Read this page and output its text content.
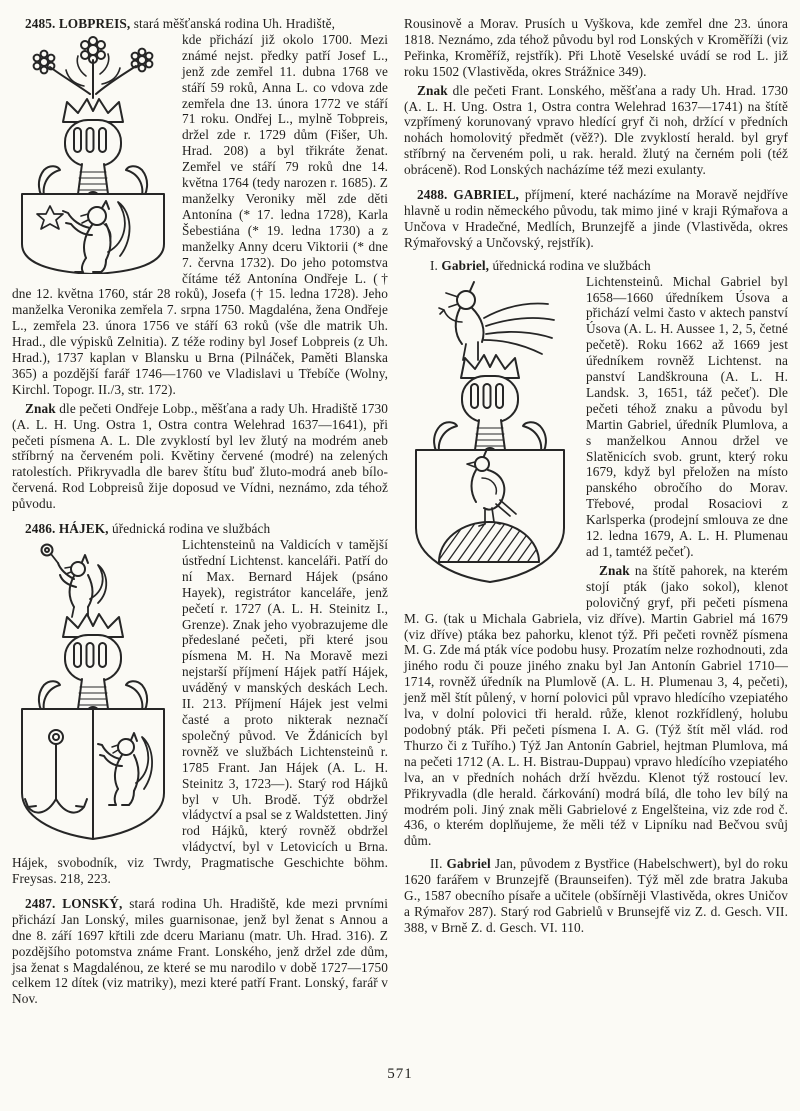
2485. LOBPREIS, stará měšťanská rodina Uh. Hradiště,
kde přichází již okolo 1700. Mezi známé nejst. předky patří Josef L., jenž zde zemřel 11. dubna 1768 ve stáří 59 roků, Anna L. co vdova zde zemřela dne 13. února 1772 ve stáří 71 roku. Ondřej L., mylně Tobpreis, držel zde r. 1729 dům (Fišer, Uh. Hrad. 208) a byl třikráte ženat. Zemřel ve stáří 79 roků dne 14. května 1764 (tedy narozen r. 1685). Z manželky Veroniky měl zde děti Antonína (* 17. ledna 1728), Karla Šebestiána (* 19. ledna 1730) a z manželky Anny dceru Viktorii (* dne 7. června 1732). Do jeho potomstva čítáme též Antonína Ondřeje L. († dne 12. května 1760, stár 28 roků), Josefa († 15. ledna 1728). Jeho manželka Veronika zemřela 7. srpna 1750. Magdaléna, žena Ondřeje L., zemřela 23. února 1756 ve stáří 63 roků (vše dle matrik Uh. Hrad., dle výpisků Zelnitia). Z téže rodiny byl Josef Lobpreis (z Uh. Hrad.), 1737 kaplan v Blansku u Brna (Pilnáček, Paměti Blanska 365) a pozdější farář 1746—1760 ve Vladislavi u Třebíče (Wolny, Kirchl. Topogr. II./3, str. 172).
Znak dle pečeti Ondřeje Lobp., měšťana a rady Uh. Hradiště 1730 (A. L. H. Ung. Ostra 1, Ostra contra Welehrad 1637—1641), při pečeti písmena A. L. Dle zvyklostí byl lev žlutý na modrém aneb stříbrný na červeném poli. Květiny červené (modré) na zelených ratolestích. Přikryvadla dle barev štítu buď žluto-modrá aneb bílo-červená. Rod Lobpreisů žije doposud ve Vídni, neznámo, zda téhož původu.
2486. HÁJEK, úřednická rodina ve službách
Lichtensteinů na Valdicích v tamější ústřední Lichtenst. kanceláři. Patří do ní Max. Bernard Hájek (psáno Hayek), registrátor kanceláře, jenž pečetí r. 1727 (A. L. H. Steinitz I., Grenze). Znak jeho vyobrazujeme dle předeslané pečeti, při které jsou písmena M. H. Na Moravě mezi nejstarší příjmení Hájek patří Hájek, uváděný v manských deskách Lech. II. 213. Příjmení Hájek jest velmi časté a proto nikterak neznačí společný původ. Ve Ždánicích byl rovněž ve službách Lichtensteinů r. 1785 Frant. Jan Hájek (A. L. H. Steinitz 3, 1723—). Starý rod Hájků byl v Uh. Brodě. Týž obdržel vládyctví a psal se z Waldstetten. Jiný rod Hájků, který rovněž obdržel vládyctví, byl v Letovicích u Brna. Hájek, svobodník, viz Twrdy, Pragmatische Geschichte böhm. Freysas. 218, 223.
2487. LONSKÝ, stará rodina Uh. Hradiště, kde mezi prvními přichází Jan Lonský, miles guarnisonae, jenž byl ženat s Annou a dne 8. září 1697 křtili zde dceru Marianu (matr. Uh. Hrad. 316). Z pozdějšího potomstva známe Frant. Lonského, jenž držel zde dům, jsa ženat s Magdalénou, ze které se mu narodilo v době 1727—1750 celkem 12 dítek (viz matriky), mezi které patří Frant. Lonský, farář v Nov.
Rousinově a Morav. Prusích u Vyškova, kde zemřel dne 23. února 1818. Neznámo, zda téhož původu byl rod Lonských v Kroměříži (viz Peřinka, Kroměříž, rejstřík). Při Lhotě Veselské uvádí se rod L. již roku 1502 (Vlastivěda, okres Strážnice 349).
Znak dle pečeti Frant. Lonského, měšťana a rady Uh. Hrad. 1730 (A. L. H. Ung. Ostra 1, Ostra contra Welehrad 1637—1741) na štítě vzpřímený korunovaný vpravo hledící gryf či noh, držící v předních nohách homolovitý předmět (věž?). Dle zvyklostí herald. byl gryf stříbrný na červeném poli, u rak. herald. žlutý na černém poli (též obráceně). Rod Lonských nacházíme též mezi exulanty.
2488. GABRIEL, příjmení, které nacházíme na Moravě nejdříve hlavně u rodin německého původu, tak mimo jiné v kraji Rýmařova a Unčova v Hradečné, Medlích, Brunzejfě a jinde (Vlastivěda, okres Rýmařovský a Unčovský, rejstřík).
I. Gabriel, úřednická rodina ve službách
Lichtensteinů. Michal Gabriel byl 1658—1660 úředníkem Úsova a přichází velmi často v aktech panství Úsova (A. L. H. Aussee 1, 2, 5, četné pečetě). Roku 1662 až 1669 jest úředníkem rovněž Lichtenst. na panství Landškrouna (A. L. H. Landsk. 3, 1651, táž pečeť). Dle pečeti téhož znaku a původu byl Martin Gabriel, úředník Plumlova, a s manželkou Annou držel ve Slatěnicích svob. grunt, který roku 1679, když byl přeložen na místo panského obročího do Morav. Třebové, prodal Rosaciovi z Karlsperka (prodejní smlouva ze dne 12. ledna 1679, A. L. H. Plumenau ad 1, tamtéž pečeť).
Znak na štítě pahorek, na kterém stojí pták (jako sokol), klenot polovičný gryf, při pečeti písmena M. G. (tak u Michala Gabriela, viz dříve). Martin Gabriel má 1679 (viz dříve) ptáka bez pahorku, klenot týž. Při pečeti rovněž písmena M. G. Zde má pták více podobu husy. Prozatím nelze rozhodnouti, zda jiného rodu či pouze jiného znaku byl Jan Antonín Gabriel 1710—1714, rovněž úředník na Plumlově (A. L. H. Plumenau 3, 4, pečeti), jenž měl štít půlený, v horní polovici půl vpravo hledícího vzepiatého lva, v dolní polovici tři herald. růže, klenot rozkřídlený, holubu podobný pták. Při pečeti písmena I. A. G. (Týž štít měl vlád. rod Thurzo či z Tuřího.) Týž Jan Antonín Gabriel, hejtman Plumlova, má na pečeti 1712 (A. L. H. Bistrau-Duppau) vpravo hledícího vzepiatého lva, an v předních nohách drží hvězdu. Klenot týž rostoucí lev. Přikryvadla (dle herald. čárkování) modrá bílá, dle toho lev bílý na modrém poli. Jiný znak měli Gabrielové z Engelšteina, viz zde rod č. 436, o kterém doplňujeme, že měli též v Lipníku nad Bečvou svůj dům.
II. Gabriel Jan, původem z Bystřice (Habelschwert), byl do roku 1620 farářem v Brunzejfě (Braunseifen). Týž měl zde bratra Jakuba G., 1587 obecního písaře a učitele (obšírněji Vlastivěda, okres Uničov a Rýmařov 287). Starý rod Gabrielů v Brunsejfě viz Z. d. Gesch. VII. 388, v Brně Z. d. Gesch. VI. 110.
571
